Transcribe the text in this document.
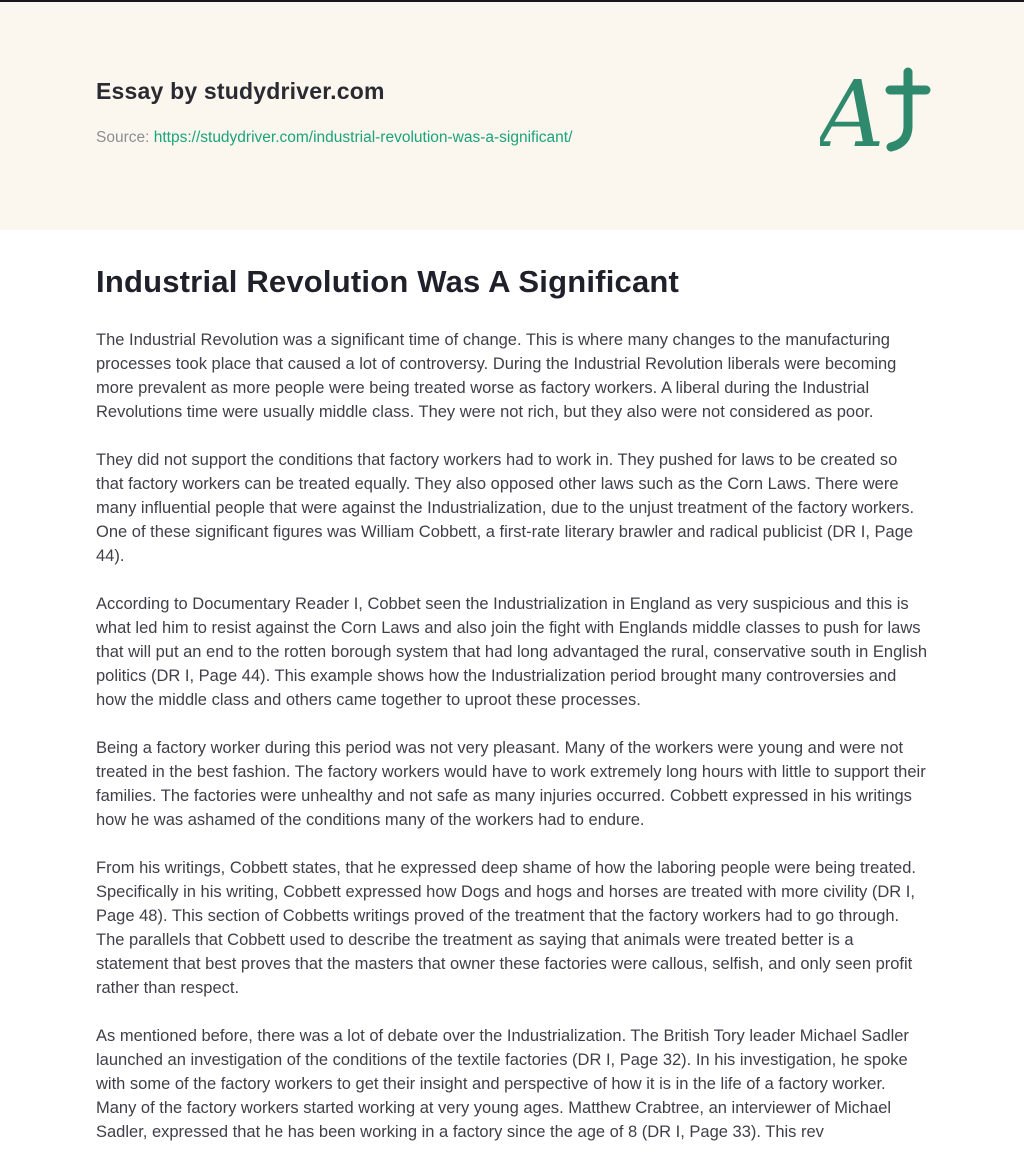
Essay by studydriver.com
Source: https://studydriver.com/industrial-revolution-was-a-significant/	A
Industrial Revolution Was A Significant

The Industrial Revolution was a significant time of change. This is where many changes to the manufacturing processes took place that caused a lot of controversy. During the Industrial Revolution liberals were becoming more prevalent as more people were being treated worse as factory workers. A liberal during the Industrial Revolutions time were usually middle class. They were not rich, but they also were not considered as poor.

They did not support the conditions that factory workers had to work in. They pushed for laws to be created so that factory workers can be treated equally. They also opposed other laws such as the Corn Laws. There were many influential people that were against the Industrialization, due to the unjust treatment of the factory workers. One of these significant figures was William Cobbett, a first-rate literary brawler and radical publicist (DR I, Page 44).

According to Documentary Reader I, Cobbet seen the Industrialization in England as very suspicious and this is what led him to resist against the Corn Laws and also join the fight with Englands middle classes to push for laws that will put an end to the rotten borough system that had long advantaged the rural, conservative south in English politics (DR I, Page 44). This example shows how the Industrialization period brought many controversies and how the middle class and others came together to uproot these processes.

Being a factory worker during this period was not very pleasant. Many of the workers were young and were not treated in the best fashion. The factory workers would have to work extremely long hours with little to support their families. The factories were unhealthy and not safe as many injuries occurred. Cobbett expressed in his writings how he was ashamed of the conditions many of the workers had to endure.

From his writings, Cobbett states, that he expressed deep shame of how the laboring people were being treated. Specifically in his writing, Cobbett expressed how Dogs and hogs and horses are treated with more civility (DR I, Page 48). This section of Cobbetts writings proved of the treatment that the factory workers had to go through. The parallels that Cobbett used to describe the treatment as saying that animals were treated better is a statement that best proves that the masters that owner these factories were callous, selfish, and only seen profit rather than respect.

As mentioned before, there was a lot of debate over the Industrialization. The British Tory leader Michael Sadler launched an investigation of the conditions of the textile factories (DR I, Page 32). In his investigation, he spoke with some of the factory workers to get their insight and perspective of how it is in the life of a factory worker. Many of the factory workers started working at very young ages. Matthew Crabtree, an interviewer of Michael Sadler, expressed that he has been working in a factory since the age of 8 (DR I, Page 33). This rev
